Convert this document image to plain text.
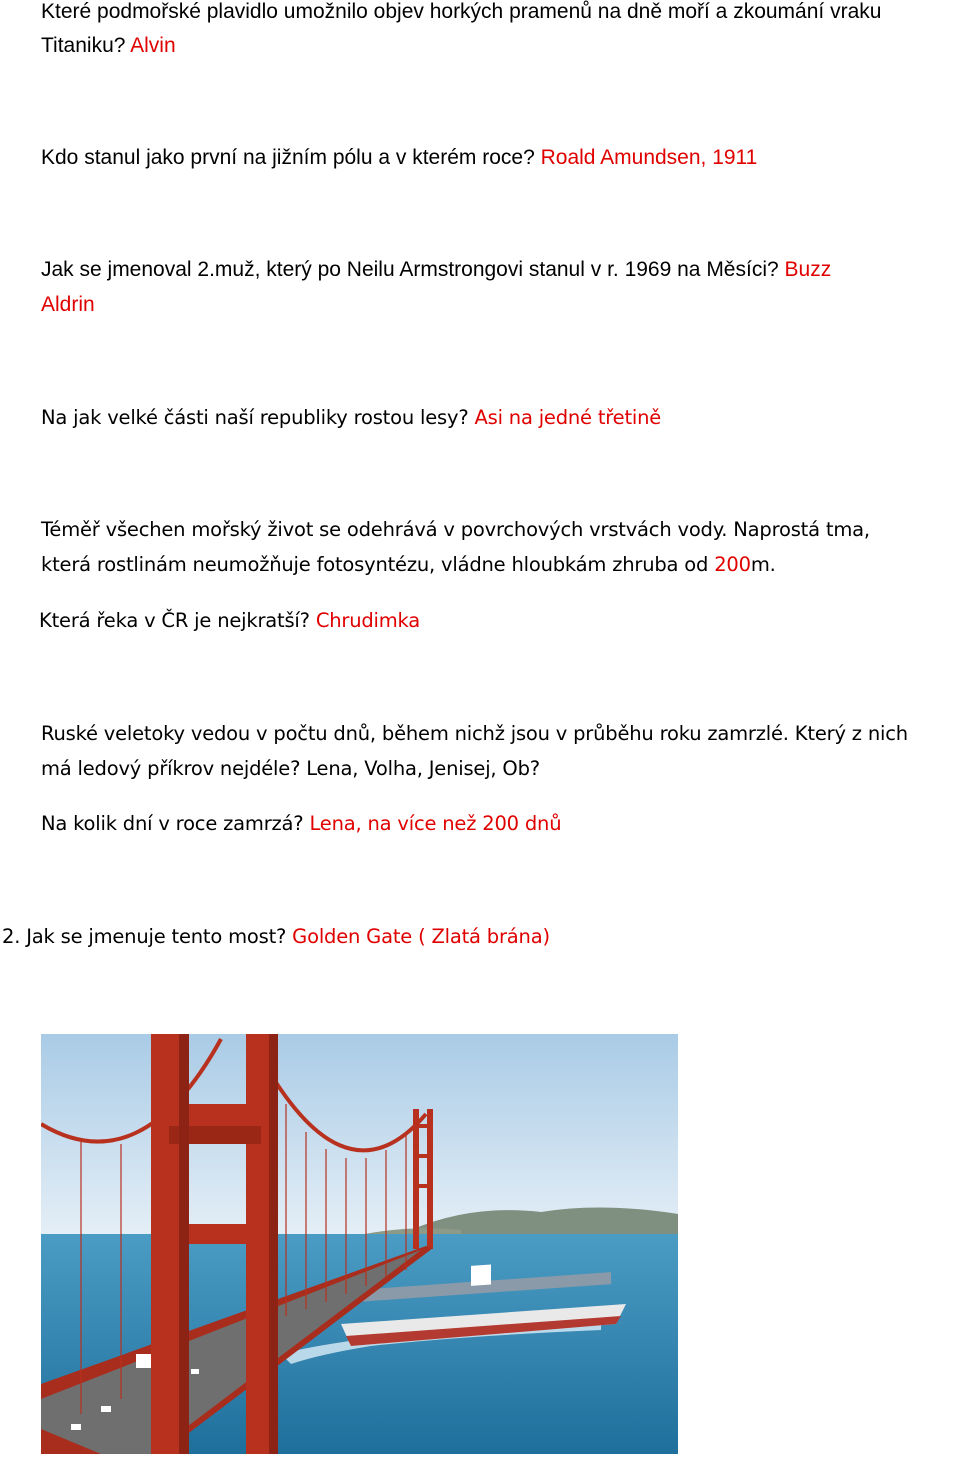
Které podmořské plavidlo umožnilo objev horkých pramenů na dně moří a zkoumání vraku
Titaniku? Alvin
Kdo stanul jako první na jižním pólu a v kterém roce? Roald Amundsen, 1911
Jak se jmenoval 2.muž, který po Neilu Armstrongovi stanul v r. 1969 na Měsíci? Buzz
Aldrin
Na jak velké části naší republiky rostou lesy? Asi na jedné třetině
Téměř všechen mořský život se odehrává v povrchových vrstvách vody. Naprostá tma,
která rostlinám neumožňuje fotosyntézu, vládne hloubkám zhruba od 200m.
Která řeka v ČR je nejkratší? Chrudimka
Ruské veletoky vedou v počtu dnů, během nichž jsou v průběhu roku zamrzlé. Který z nich
má ledový příkrov nejdéle? Lena, Volha, Jenisej, Ob?
Na kolik dní v roce zamrzá? Lena, na více než 200 dnů
2. Jak se jmenuje tento most? Golden Gate ( Zlatá brána)
